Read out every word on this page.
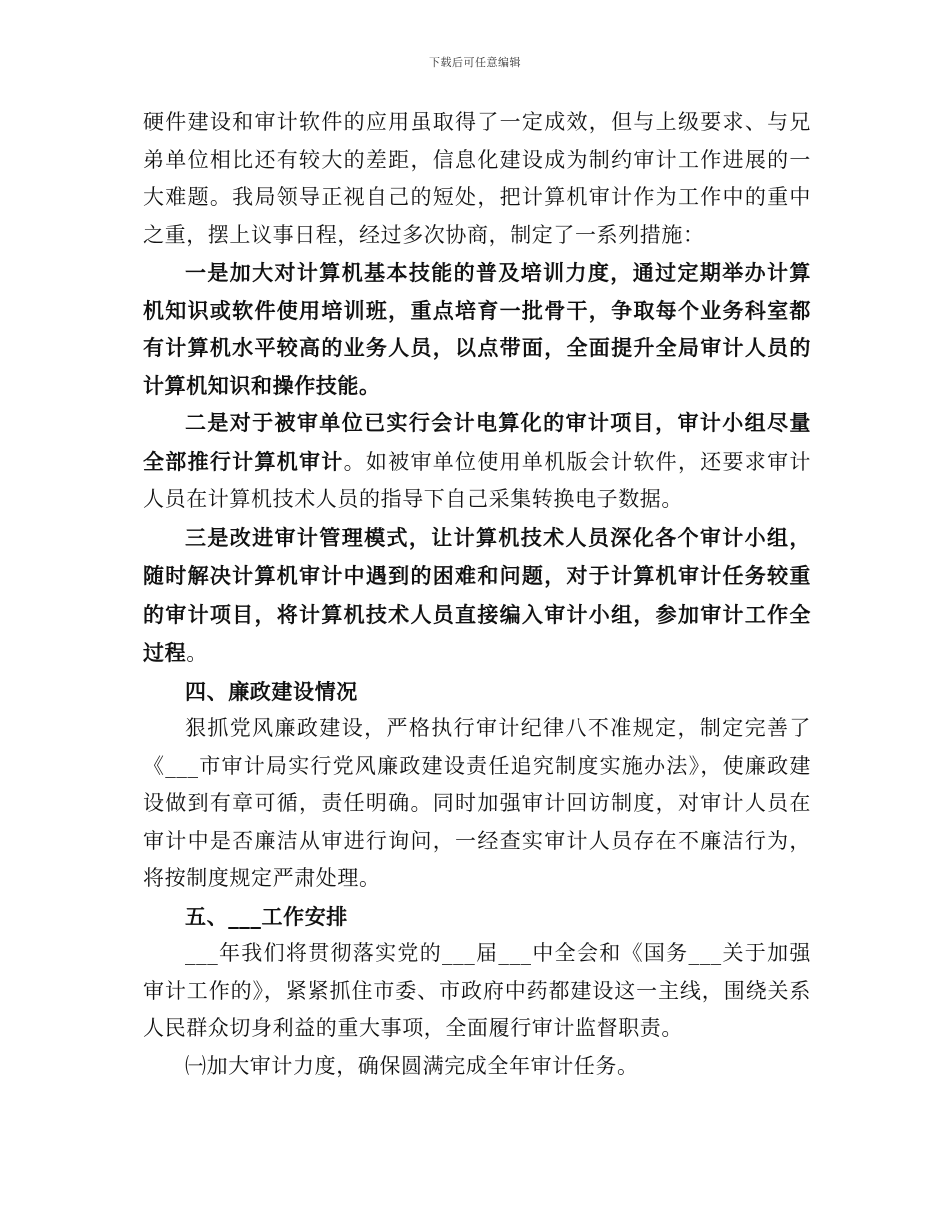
下载后可任意编辑

硬件建设和审计软件的应用虽取得了一定成效，但与上级要求、与兄弟单位相比还有较大的差距，信息化建设成为制约审计工作进展的一大难题。我局领导正视自己的短处，把计算机审计作为工作中的重中之重，摆上议事日程，经过多次协商，制定了一系列措施：

一是加大对计算机基本技能的普及培训力度，通过定期举办计算机知识或软件使用培训班，重点培育一批骨干，争取每个业务科室都有计算机水平较高的业务人员，以点带面，全面提升全局审计人员的计算机知识和操作技能。

二是对于被审单位已实行会计电算化的审计项目，审计小组尽量全部推行计算机审计。如被审单位使用单机版会计软件，还要求审计人员在计算机技术人员的指导下自己采集转换电子数据。

三是改进审计管理模式，让计算机技术人员深化各个审计小组，随时解决计算机审计中遇到的困难和问题，对于计算机审计任务较重的审计项目，将计算机技术人员直接编入审计小组，参加审计工作全过程。

四、廉政建设情况

狠抓党风廉政建设，严格执行审计纪律八不准规定，制定完善了《___市审计局实行党风廉政建设责任追究制度实施办法》，使廉政建设做到有章可循，责任明确。同时加强审计回访制度，对审计人员在审计中是否廉洁从审进行询问，一经查实审计人员存在不廉洁行为，将按制度规定严肃处理。

五、___工作安排

___年我们将贯彻落实党的___届___中全会和《国务___关于加强审计工作的》，紧紧抓住市委、市政府中药都建设这一主线，围绕关系人民群众切身利益的重大事项，全面履行审计监督职责。

㈠加大审计力度，确保圆满完成全年审计任务。
